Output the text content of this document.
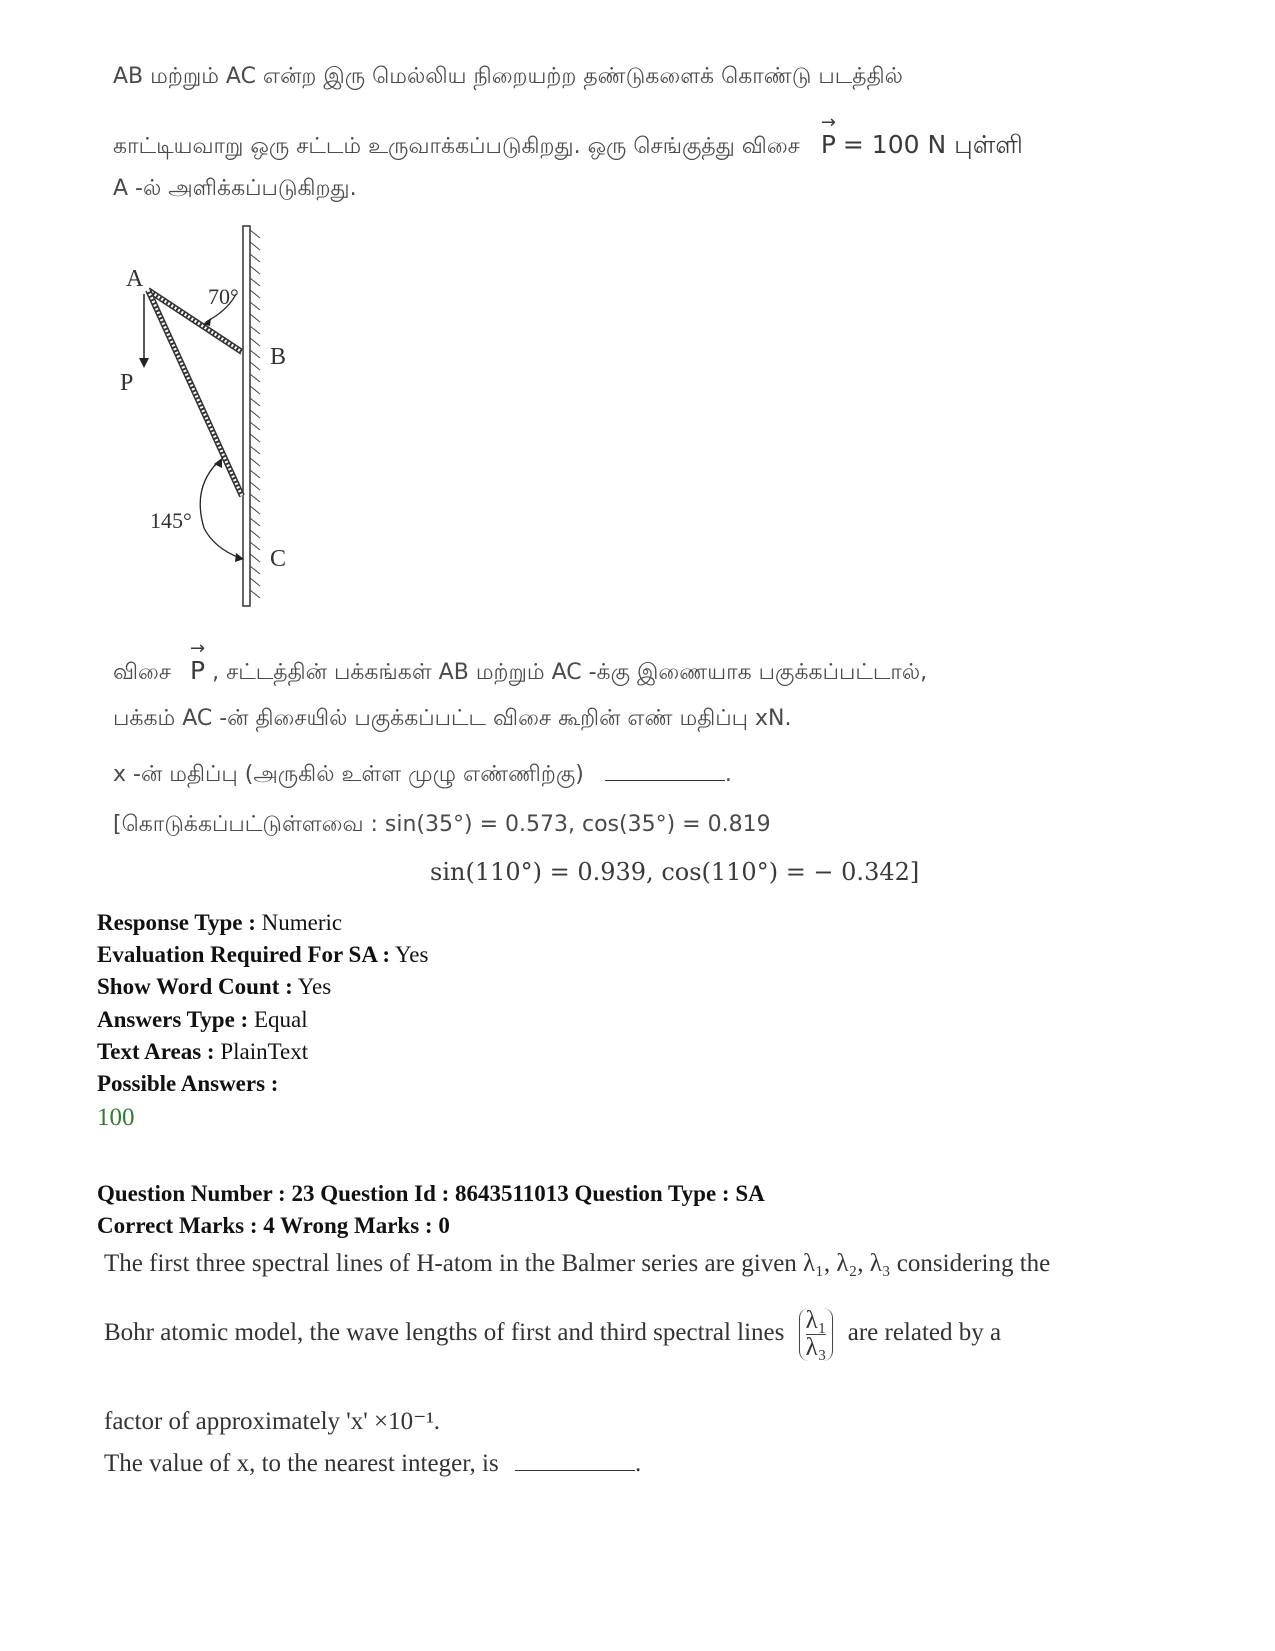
AB மற்றும் AC என்ற இரு மெல்லிய நிறையற்ற தண்டுகளைக் கொண்டு படத்தில்
காட்டியவாறு ஒரு சட்டம் உருவாக்கப்படுகிறது. ஒரு செங்குத்து விசை
→
P = 100 N புள்ளி
A -ல் அளிக்கப்படுகிறது.
A
B
C
P
70°
145°
விசை
→
P , சட்டத்தின் பக்கங்கள் AB மற்றும் AC -க்கு இணையாக பகுக்கப்பட்டால்,
பக்கம் AC -ன் திசையில் பகுக்கப்பட்ட விசை கூறின் எண் மதிப்பு xN.
x -ன் மதிப்பு (அருகில் உள்ள முழு எண்ணிற்கு)	.
[கொடுக்கப்பட்டுள்ளவை : sin(35°) = 0.573, cos(35°) = 0.819
sin(110°) = 0.939, cos(110°) = − 0.342]
Response Type : Numeric
Evaluation Required For SA : Yes
Show Word Count : Yes
Answers Type : Equal
Text Areas : PlainText
Possible Answers :
100
Question Number : 23 Question Id : 8643511013 Question Type : SA
Correct Marks : 4 Wrong Marks : 0
The first three spectral lines of H-atom in the Balmer series are given λ₁, λ₂, λ₃ considering the
Bohr atomic model, the wave lengths of first and third spectral lines $\frac{\text{λ₁}}{\text{λ₃}}$ are related by a
factor of approximately 'x' ×10⁻¹.
The value of x, to the nearest integer, is	.
